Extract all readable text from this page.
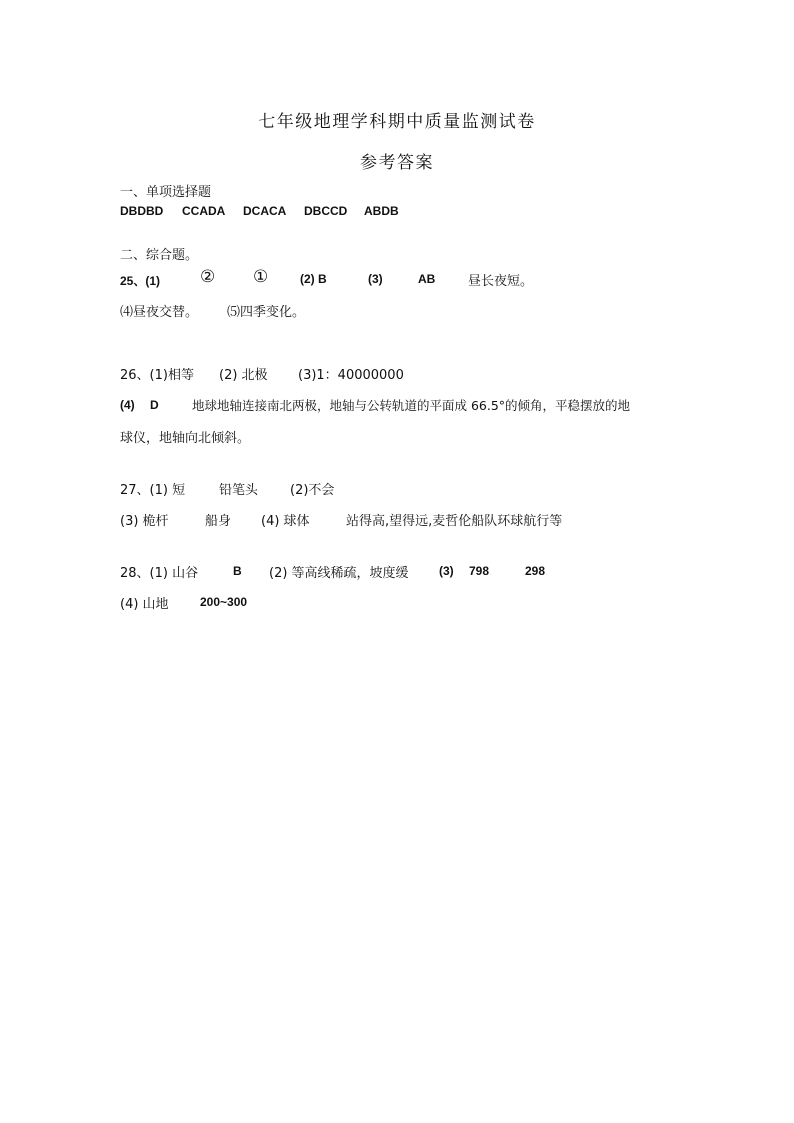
七年级地理学科期中质量监测试卷
参考答案
一、单项选择题
DBDBD CCADA DCACA DBCCD ABDB
二、综合题。
25、(1) ② ①	(2) B	(3)	AB	昼长夜短。
⑷昼夜交替。 ⑸四季变化。
26、(1)相等 (2) 北极 (3)1：40000000
(4) D	地球地轴连接南北两极，地轴与公转轨道的平面成 66.5°的倾角，平稳摆放的地
球仪，地轴向北倾斜。
27、(1) 短	铅笔头 (2)不会
(3) 桅杆	船身 (4) 球体	站得高,望得远,麦哲伦船队环球航行等
28、(1) 山谷	B (2) 等高线稀疏，坡度缓	(3) 798	298
(4) 山地	200~300
